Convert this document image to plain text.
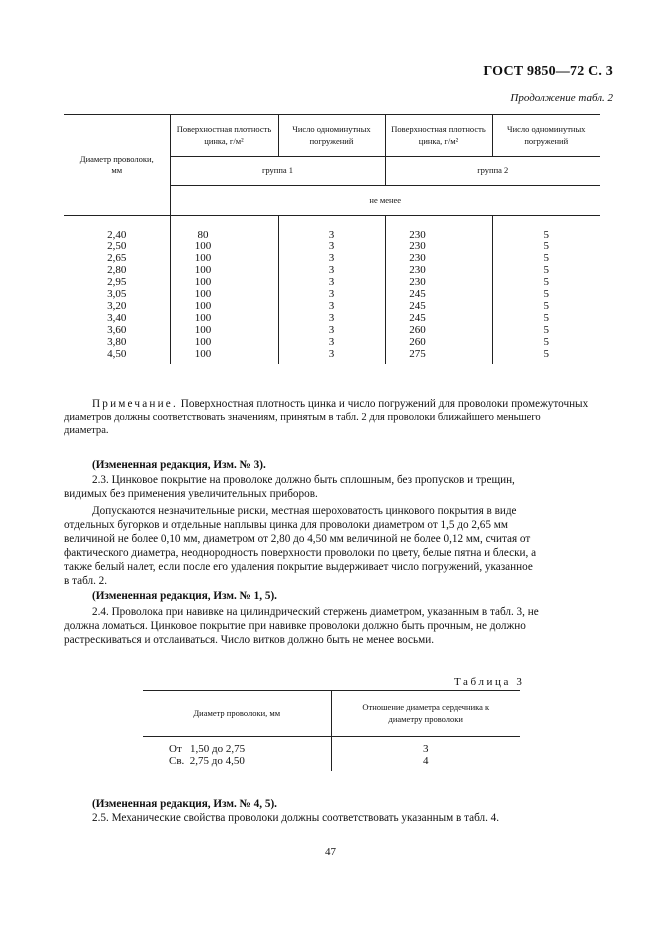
ГОСТ 9850—72 С. 3
Продолжение табл. 2
Диаметр проволоки, мм	Поверхностная плотность цинка, г/м²	Число одноминутных погружений	Поверхностная плотность цинка, г/м²	Число одноминутных погружений
	группа 1		группа 2	
	не менее			

2,40	80	3	230	5
2,50	100	3	230	5
2,65	100	3	230	5
2,80	100	3	230	5
2,95	100	3	230	5
3,05	100	3	245	5
3,20	100	3	245	5
3,40	100	3	245	5
3,60	100	3	260	5
3,80	100	3	260	5
4,50	100	3	275	5

Примечание. Поверхностная плотность цинка и число погружений для проволоки промежуточных
диаметров должны соответствовать значениям, принятым в табл. 2 для проволоки ближайшего меньшего
диаметра.
(Измененная редакция, Изм. № 3).
2.3. Цинковое покрытие на проволоке должно быть сплошным, без пропусков и трещин,
видимых без применения увеличительных приборов.
Допускаются незначительные риски, местная шероховатость цинкового покрытия в виде
отдельных бугорков и отдельные наплывы цинка для проволоки диаметром от 1,5 до 2,65 мм
величиной не более 0,10 мм, диаметром от 2,80 до 4,50 мм величиной не более 0,12 мм, считая от
фактического диаметра, неоднородность поверхности проволоки по цвету, белые пятна и блески, а
также белый налет, если после его удаления покрытие выдерживает число погружений, указанное
в табл. 2.
(Измененная редакция, Изм. № 1, 5).
2.4. Проволока при навивке на цилиндрический стержень диаметром, указанным в табл. 3, не
должна ломаться. Цинковое покрытие при навивке проволоки должно быть прочным, не должно
растрескиваться и отслаиваться. Число витков должно быть не менее восьми.
Таблица 3
Диаметр проволоки, мм	Отношение диаметра сердечника к диаметру проволоки

От   1,50 до 2,75	3
Св.  2,75 до 4,50	4

(Измененная редакция, Изм. № 4, 5).
2.5. Механические свойства проволоки должны соответствовать указанным в табл. 4.
47
